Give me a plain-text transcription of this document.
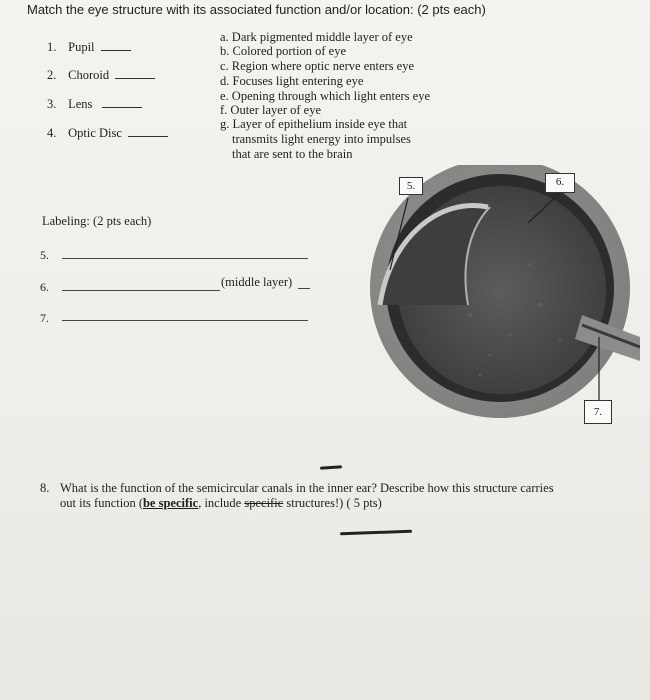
Match the eye structure with its associated function and/or location: (2 pts each)
1. Pupil
2. Choroid
3. Lens
4. Optic Disc
a. Dark pigmented middle layer of eye
b. Colored portion of eye
c. Region where optic nerve enters eye
d. Focuses light entering eye
e. Opening through which light enters eye
f. Outer layer of eye
g. Layer of epithelium inside eye that
transmits light energy into impulses
that are sent to the brain
Labeling: (2 pts each)
5.
6.	(middle layer)
7.
5.	6.
7.
8. What is the function of the semicircular canals in the inner ear? Describe how this structure carries
out its function (be specific, include specific structures!) ( 5 pts)
